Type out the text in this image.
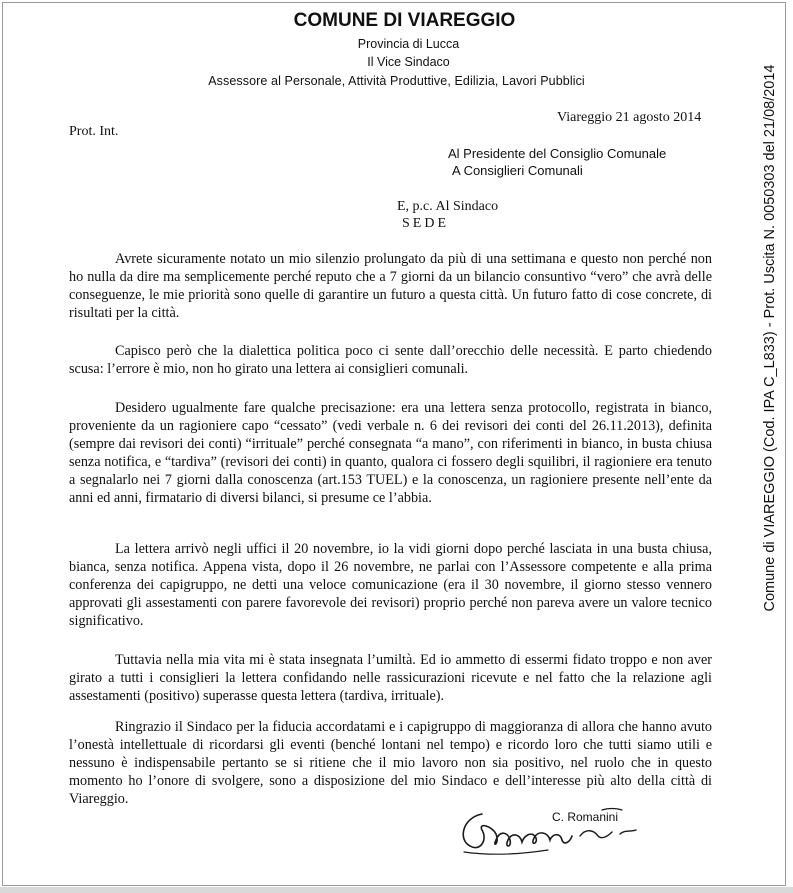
COMUNE DI VIAREGGIO
Provincia di Lucca
Il Vice Sindaco
Assessore al Personale, Attività Produttive, Edilizia, Lavori Pubblici
Viareggio 21 agosto 2014
Prot. Int.
Al Presidente del Consiglio Comunale
A Consiglieri Comunali
E, p.c. Al Sindaco
SEDE

Avrete sicuramente notato un mio silenzio prolungato da più di una settimana e questo non perché non ho nulla da dire ma semplicemente perché reputo che a 7 giorni da un bilancio consuntivo “vero” che avrà delle conseguenze, le mie priorità sono quelle di garantire un futuro a questa città. Un futuro fatto di cose concrete, di risultati per la città.

Capisco però che la dialettica politica poco ci sente dall’orecchio delle necessità. E parto chiedendo scusa: l’errore è mio, non ho girato una lettera ai consiglieri comunali.

Desidero ugualmente fare qualche precisazione: era una lettera senza protocollo, registrata in bianco, proveniente da un ragioniere capo “cessato” (vedi verbale n. 6 dei revisori dei conti del 26.11.2013), definita (sempre dai revisori dei conti) “irrituale” perché consegnata “a mano”, con riferimenti in bianco, in busta chiusa senza notifica, e “tardiva” (revisori dei conti) in quanto, qualora ci fossero degli squilibri, il ragioniere era tenuto a segnalarlo nei 7 giorni dalla conoscenza (art.153 TUEL) e la conoscenza, un ragioniere presente nell’ente da anni ed anni, firmatario di diversi bilanci, si presume ce l’abbia.

La lettera arrivò negli uffici il 20 novembre, io la vidi giorni dopo perché lasciata in una busta chiusa, bianca, senza notifica. Appena vista, dopo il 26 novembre, ne parlai con l’Assessore competente e alla prima conferenza dei capigruppo, ne detti una veloce comunicazione (era il 30 novembre, il giorno stesso vennero approvati gli assestamenti con parere favorevole dei revisori) proprio perché non pareva avere un valore tecnico significativo.

Tuttavia nella mia vita mi è stata insegnata l’umiltà. Ed io ammetto di essermi fidato troppo e non aver girato a tutti i consiglieri la lettera confidando nelle rassicurazioni ricevute e nel fatto che la relazione agli assestamenti (positivo) superasse questa lettera (tardiva, irrituale).

Ringrazio il Sindaco per la fiducia accordatami e i capigruppo di maggioranza di allora che hanno avuto l’onestà intellettuale di ricordarsi gli eventi (benché lontani nel tempo) e ricordo loro che tutti siamo utili e nessuno è indispensabile pertanto se si ritiene che il mio lavoro non sia positivo, nel ruolo che in questo momento ho l’onore di svolgere, sono a disposizione del mio Sindaco e dell’interesse più alto della città di Viareggio.

C. Romanini
Comune di VIAREGGIO (Cod. IPA C_L833) - Prot. Uscita N. 0050303 del 21/08/2014
